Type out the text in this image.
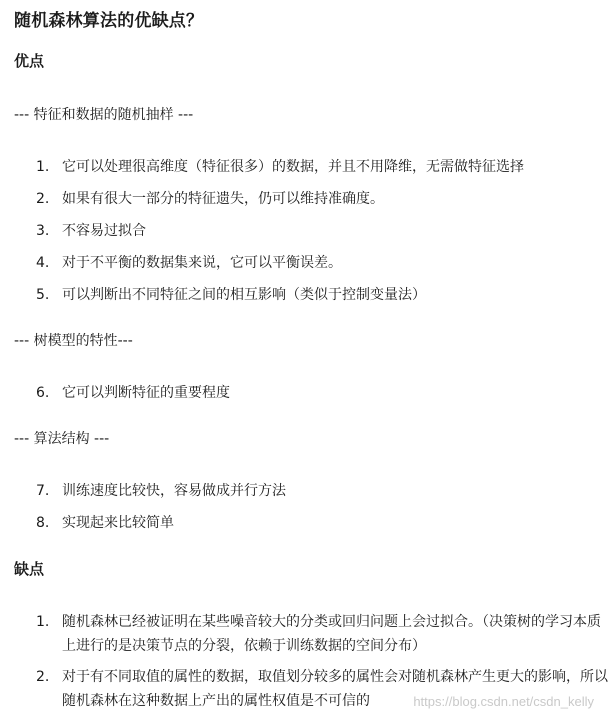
随机森林算法的优缺点？
优点
--- 特征和数据的随机抽样 ---
1. 它可以处理很高维度（特征很多）的数据，并且不用降维，无需做特征选择
2. 如果有很大一部分的特征遗失，仍可以维持准确度。
3. 不容易过拟合
4. 对于不平衡的数据集来说，它可以平衡误差。
5. 可以判断出不同特征之间的相互影响（类似于控制变量法）
--- 树模型的特性---
6. 它可以判断特征的重要程度
--- 算法结构 ---
7. 训练速度比较快，容易做成并行方法
8. 实现起来比较简单
缺点
1. 随机森林已经被证明在某些噪音较大的分类或回归问题上会过拟合。（决策树的学习本质上进行的是决策节点的分裂，依赖于训练数据的空间分布）
2. 对于有不同取值的属性的数据，取值划分较多的属性会对随机森林产生更大的影响，所以随机森林在这种数据上产出的属性权值是不可信的	https://blog.csdn.net/csdn_kelly
